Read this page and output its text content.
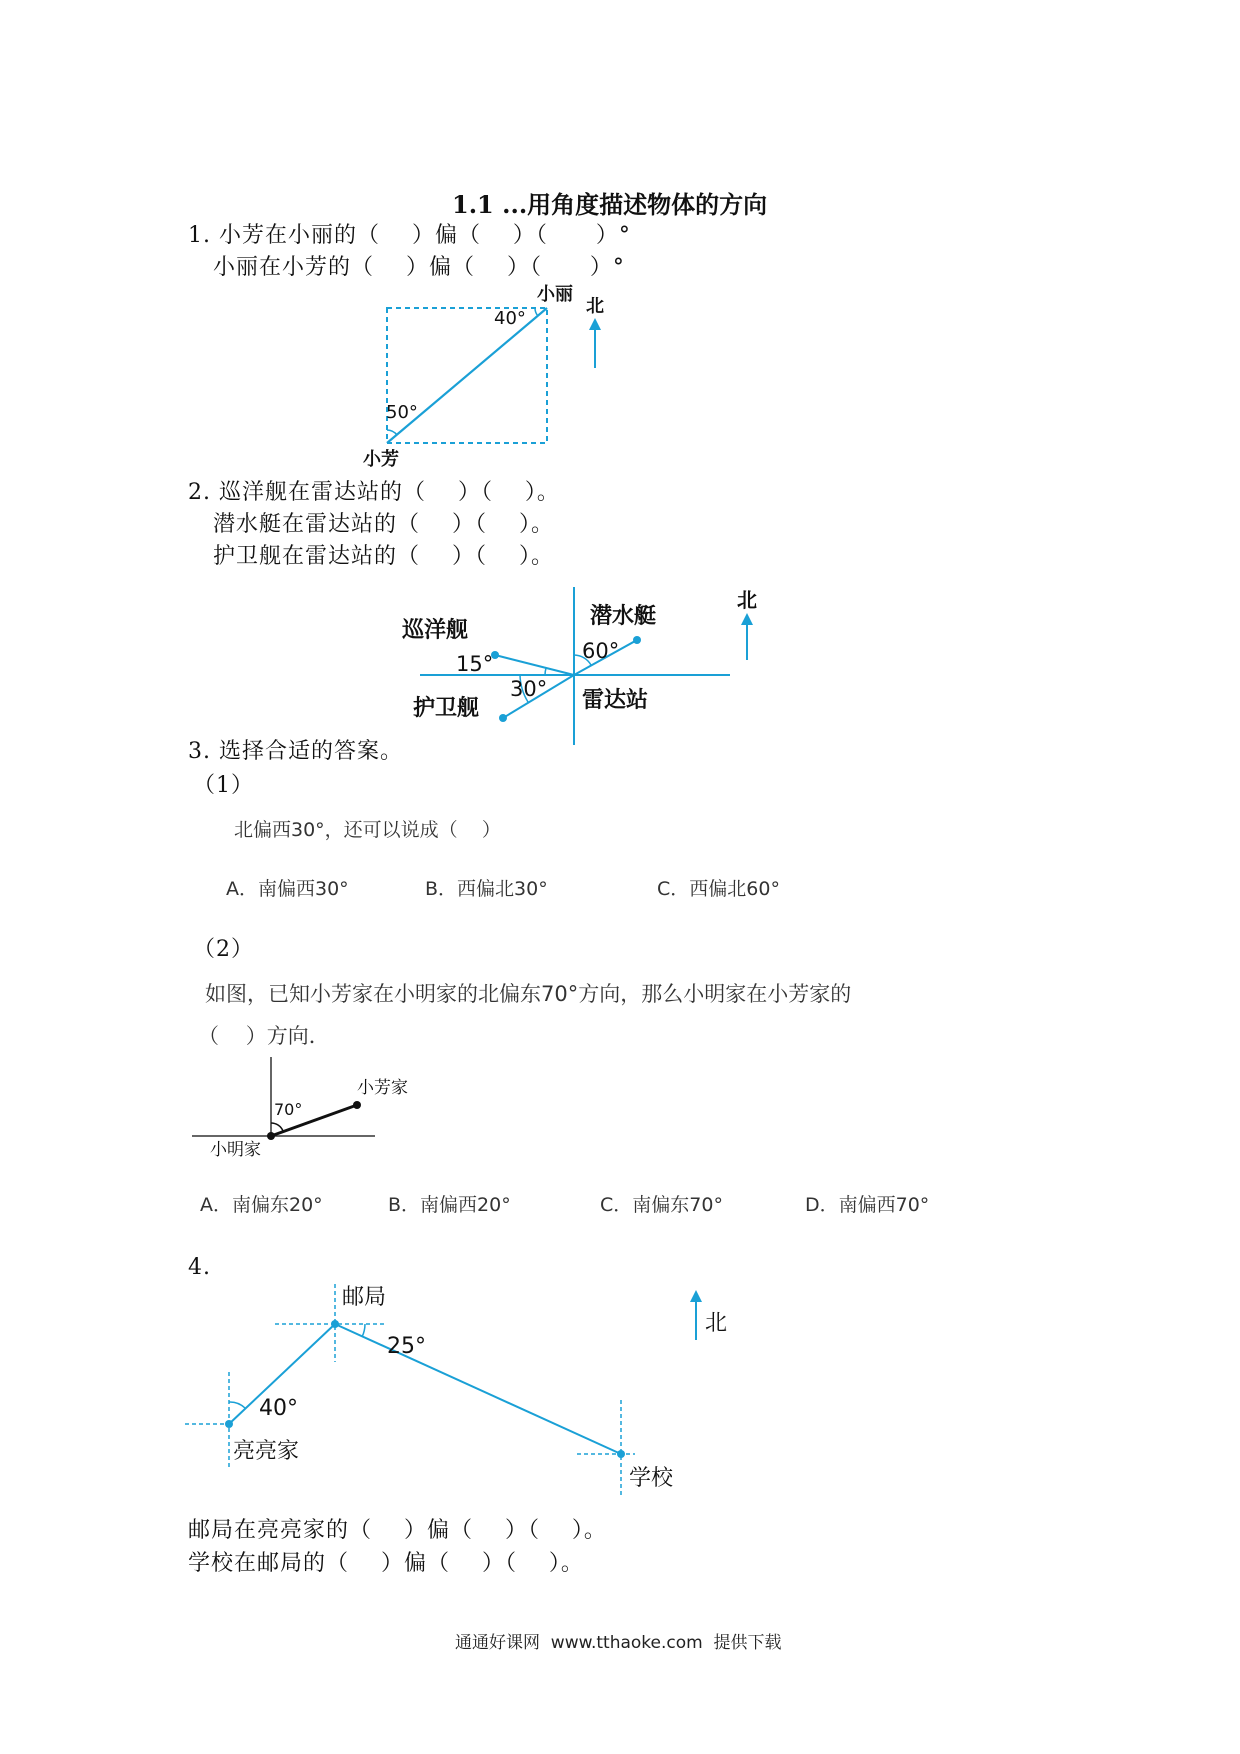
1.1 ...用角度描述物体的方向
1. 小芳在小丽的（    ）偏（    ）（      ）°
小丽在小芳的（    ）偏（    ）（      ）°
小丽
小芳
40°
50°
北
2. 巡洋舰在雷达站的（    ）（    ）。
潜水艇在雷达站的（    ）（    ）。
护卫舰在雷达站的（    ）（    ）。
巡洋舰
潜水艇
护卫舰	雷达站
15°
30°
60°
北
3. 选择合适的答案。
（1）
北偏西30°，还可以说成（    ）
A．南偏西30°	B．西偏北30°	C．西偏北60°
（2）
如图，已知小芳家在小明家的北偏东70°方向，那么小明家在小芳家的
（    ）方向．
70°
小芳家
小明家
A．南偏东20°	B．南偏西20°	C．南偏东70°	D．南偏西70°
4.
邮局
亮亮家
学校
40°
25°
北
邮局在亮亮家的（    ）偏（    ）（    ）。
学校在邮局的（    ）偏（    ）（    ）。
通通好课网  www.tthaoke.com  提供下载
